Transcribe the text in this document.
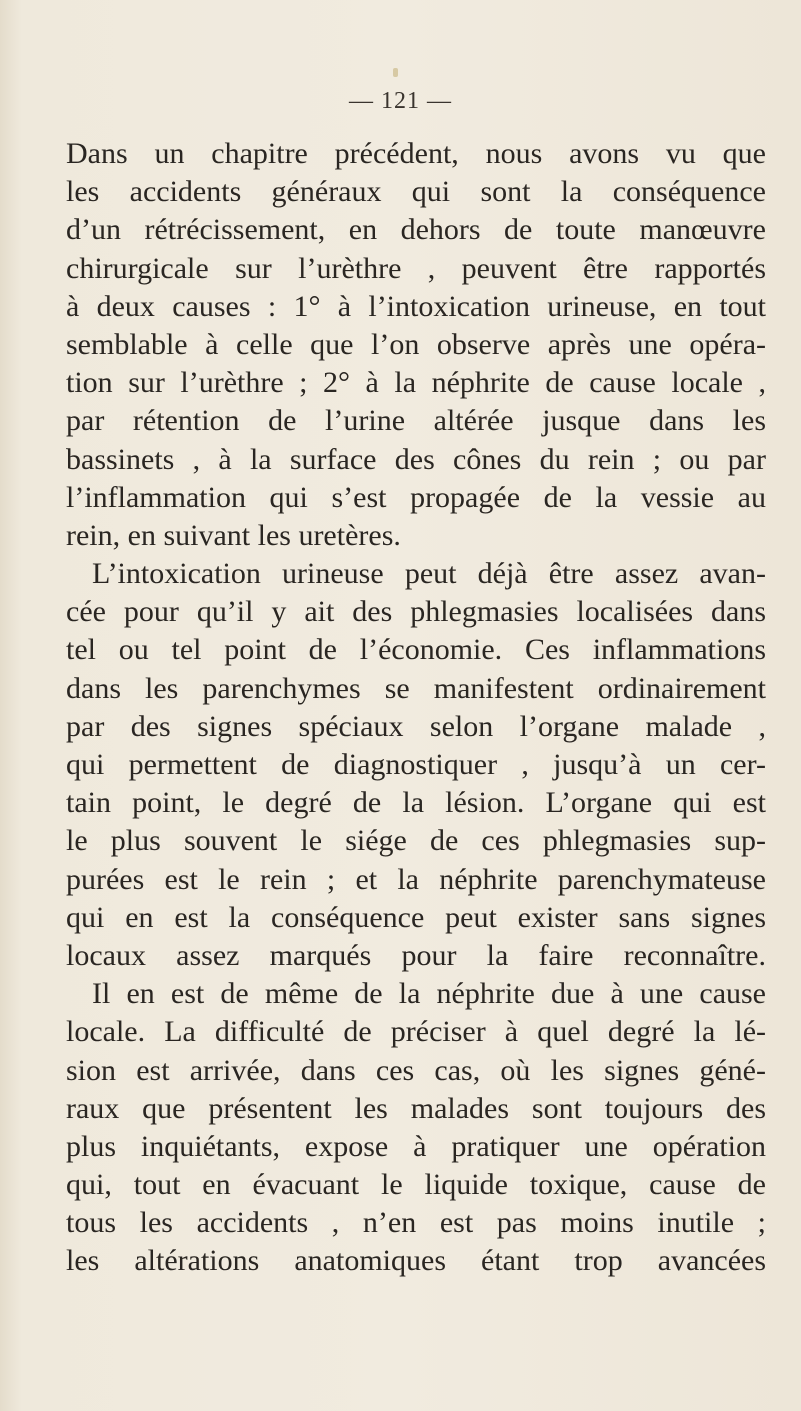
— 121 —
Dans un chapitre précédent, nous avons vu que
les accidents généraux qui sont la conséquence
d’un rétrécissement, en dehors de toute manœuvre
chirurgicale sur l’urèthre , peuvent être rapportés
à deux causes : 1° à l’intoxication urineuse, en tout
semblable à celle que l’on observe après une opéra-
tion sur l’urèthre ; 2° à la néphrite de cause locale ,
par rétention de l’urine altérée jusque dans les
bassinets , à la surface des cônes du rein ; ou par
l’inflammation qui s’est propagée de la vessie au
rein, en suivant les uretères.
L’intoxication urineuse peut déjà être assez avan-
cée pour qu’il y ait des phlegmasies localisées dans
tel ou tel point de l’économie. Ces inflammations
dans les parenchymes se manifestent ordinairement
par des signes spéciaux selon l’organe malade ,
qui permettent de diagnostiquer , jusqu’à un cer-
tain point, le degré de la lésion. L’organe qui est
le plus souvent le siége de ces phlegmasies sup-
purées est le rein ; et la néphrite parenchymateuse
qui en est la conséquence peut exister sans signes
locaux assez marqués pour la faire reconnaître.
Il en est de même de la néphrite due à une cause
locale. La difficulté de préciser à quel degré la lé-
sion est arrivée, dans ces cas, où les signes géné-
raux que présentent les malades sont toujours des
plus inquiétants, expose à pratiquer une opération
qui, tout en évacuant le liquide toxique, cause de
tous les accidents , n’en est pas moins inutile ;
les altérations anatomiques étant trop avancées
